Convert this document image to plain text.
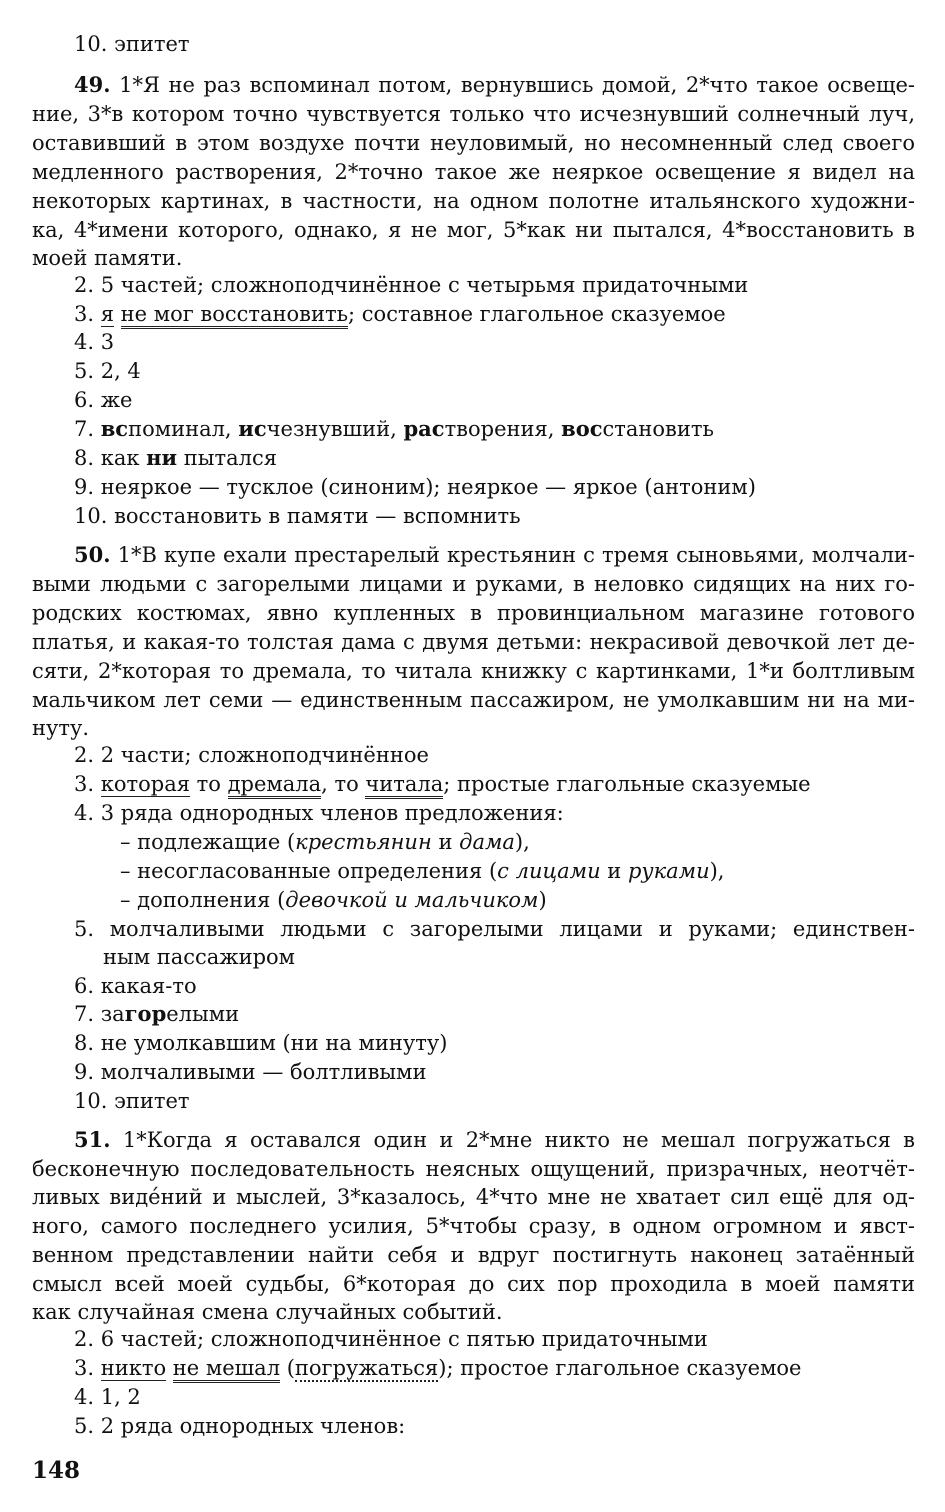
10. эпитет
49. 1*Я не раз вспоминал потом, вернувшись домой, 2*что такое освеще-
ние, 3*в котором точно чувствуется только что исчезнувший солнечный луч,
оставивший в этом воздухе почти неуловимый, но несомненный след своего
медленного растворения, 2*точно такое же неяркое освещение я видел на
некоторых картинах, в частности, на одном полотне итальянского художни-
ка, 4*имени которого, однако, я не мог, 5*как ни пытался, 4*восстановить в
моей памяти.
2. 5 частей; сложноподчинённое с четырьмя придаточными
3. я не мог восстановить; составное глагольное сказуемое
4. 3
5. 2, 4
6. же
7. вспоминал, исчезнувший, растворения, восстановить
8. как ни пытался
9. неяркое — тусклое (синоним); неяркое — яркое (антоним)
10. восстановить в памяти — вспомнить
50. 1*В купе ехали престарелый крестьянин с тремя сыновьями, молчали-
выми людьми с загорелыми лицами и руками, в неловко сидящих на них го-
родских костюмах, явно купленных в провинциальном магазине готового
платья, и какая-то толстая дама с двумя детьми: некрасивой девочкой лет де-
сяти, 2*которая то дремала, то читала книжку с картинками, 1*и болтливым
мальчиком лет семи — единственным пассажиром, не умолкавшим ни на ми-
нуту.
2. 2 части; сложноподчинённое
3. которая то дремала, то читала; простые глагольные сказуемые
4. 3 ряда однородных членов предложения:
– подлежащие (крестьянин и дама),
– несогласованные определения (с лицами и руками),
– дополнения (девочкой и мальчиком)
5. молчаливыми людьми с загорелыми лицами и руками; единствен-
ным пассажиром
6. какая-то
7. загорелыми
8. не умолкавшим (ни на минуту)
9. молчаливыми — болтливыми
10. эпитет
51. 1*Когда я оставался один и 2*мне никто не мешал погружаться в
бесконечную последовательность неясных ощущений, призрачных, неотчёт-
ливых видéний и мыслей, 3*казалось, 4*что мне не хватает сил ещё для од-
ного, самого последнего усилия, 5*чтобы сразу, в одном огромном и явст-
венном представлении найти себя и вдруг постигнуть наконец затаённый
смысл всей моей судьбы, 6*которая до сих пор проходила в моей памяти
как случайная смена случайных событий.
2. 6 частей; сложноподчинённое с пятью придаточными
3. никто не мешал (погружаться); простое глагольное сказуемое
4. 1, 2
5. 2 ряда однородных членов:
148
